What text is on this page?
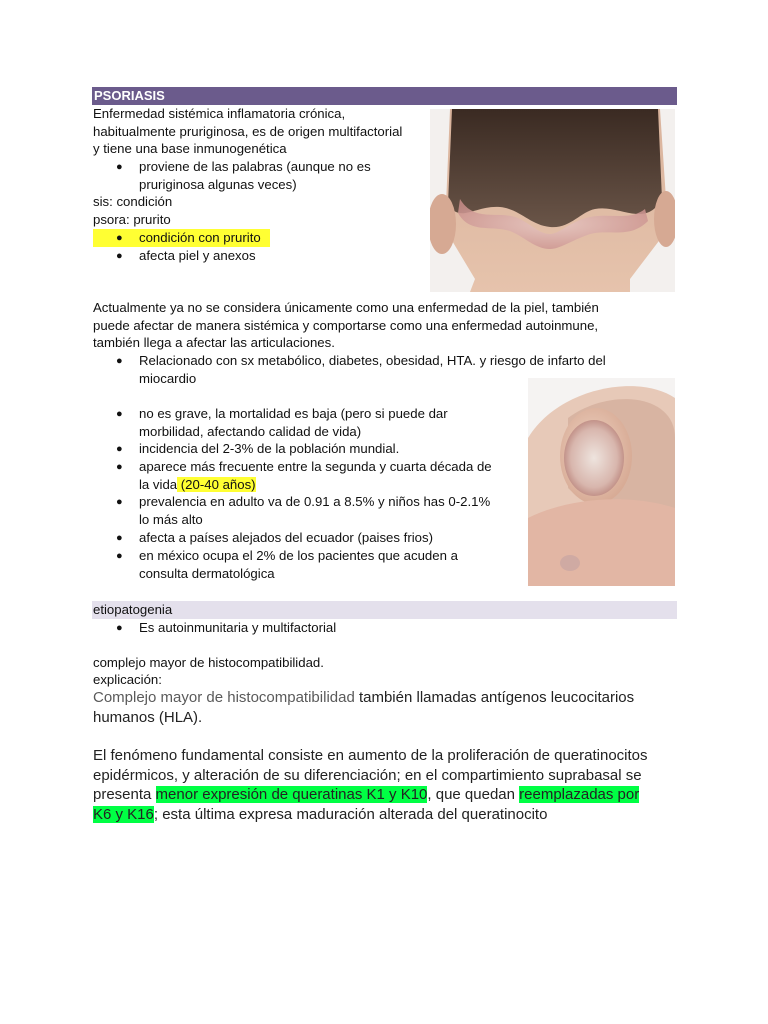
PSORIASIS
Enfermedad sistémica inflamatoria crónica,
habitualmente pruriginosa, es de origen multifactorial
y tiene una base inmunogenética
● proviene de las palabras (aunque no es
pruriginosa algunas veces)
sis: condición
psora: prurito
● condición con prurito
● afecta piel y anexos
Actualmente ya no se considera únicamente como una enfermedad de la piel, también
puede afectar de manera sistémica y comportarse como una enfermedad autoinmune,
también llega a afectar las articulaciones.
● Relacionado con sx metabólico, diabetes, obesidad, HTA. y riesgo de infarto del
miocardio
● no es grave, la mortalidad es baja (pero si puede dar
morbilidad, afectando calidad de vida)
● incidencia del 2-3% de la población mundial.
● aparece más frecuente entre la segunda y cuarta década de
la vida (20-40 años)
● prevalencia en adulto va de 0.91 a 8.5% y niños has 0-2.1%
lo más alto
● afecta a países alejados del ecuador (paises frios)
● en méxico ocupa el 2% de los pacientes que acuden a
consulta dermatológica
etiopatogenia
● Es autoinmunitaria y multifactorial
complejo mayor de histocompatibilidad.
explicación:
Complejo mayor de histocompatibilidad también llamadas antígenos leucocitarios
humanos (HLA).
El fenómeno fundamental consiste en aumento de la proliferación de queratinocitos
epidérmicos, y alteración de su diferenciación; en el compartimiento suprabasal se
presenta menor expresión de queratinas K1 y K10, que quedan reemplazadas por
K6 y K16; esta última expresa maduración alterada del queratinocito
